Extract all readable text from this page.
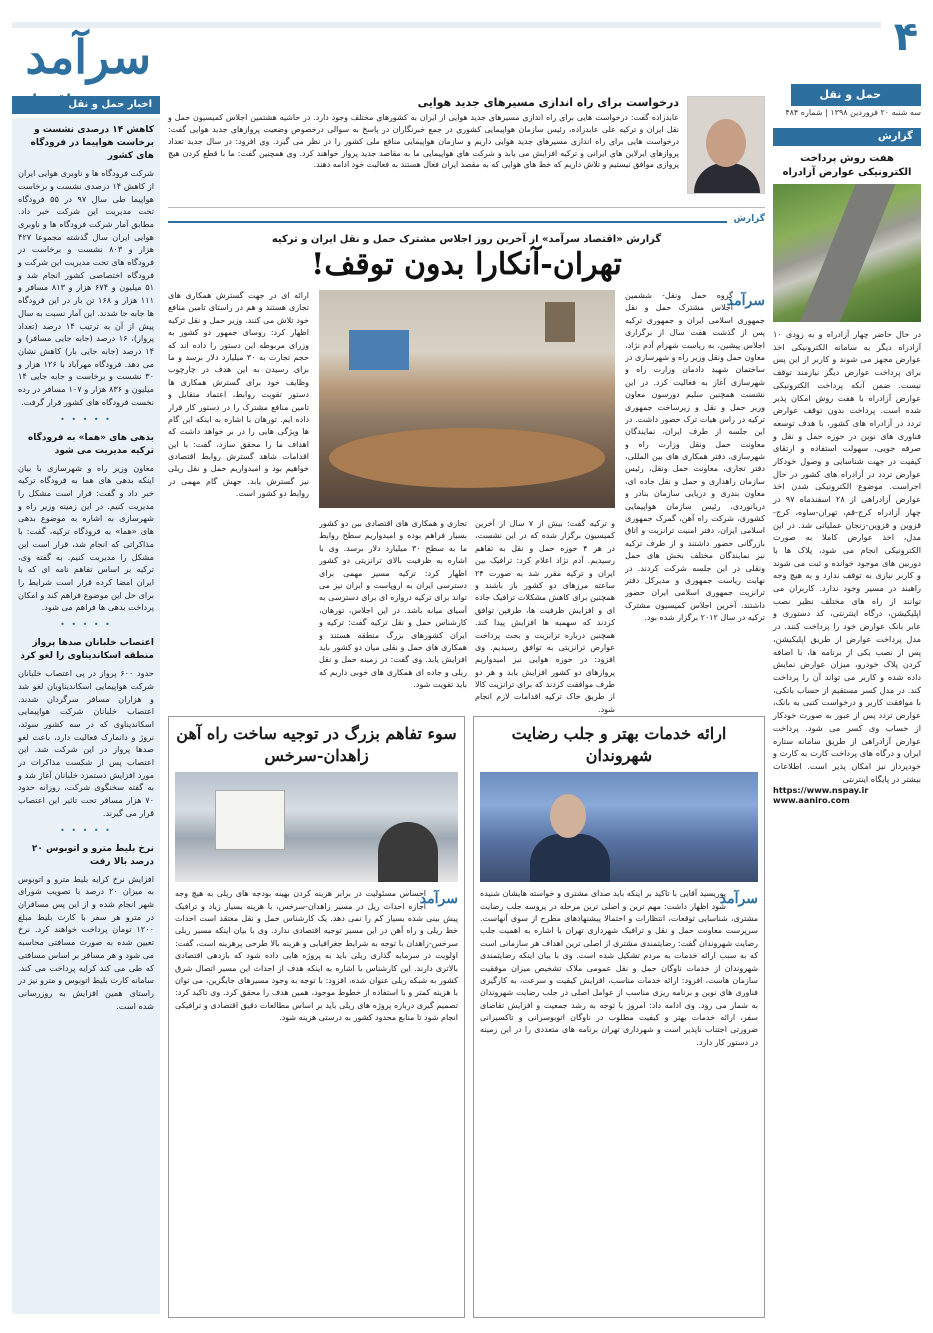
۴
حمل و نقل
سرآمد
سه شنبه ۲۰ فروردین ۱۳۹۸ | شماره ۴۸۴
گزارش
هفت روش پرداخت الکترونیکی عوارض آزادراه
در حال حاضر چهار آزادراه و به زودی ۱۰ آزادراه دیگر به سامانه الکترونیکی اخذ عوارض مجهز می شوند و کاربر از این پس برای پرداخت عوارض دیگر نیازمند توقف نیست. ضمن آنکه پرداخت الکترونیکی عوارض آزادراه با هفت روش امکان پذیر شده است. پرداخت بدون توقف عوارض تردد در آزادراه های کشور، با هدف توسعه فناوری های نوین در حوزه حمل و نقل و صرفه جویی، سهولت استفاده و ارتقای کیفیت در جهت شناسایی و وصول خودکار عوارض تردد در آزادراه های کشور در حال اجراست. موضوع الکترونیکی شدن اخذ عوارض آزادراهی از ۲۸ اسفندماه ۹۷ در چهار آزادراه کرج-قم، تهران-ساوه، کرج-قزوین و قزوین-زنجان عملیاتی شد. در این مدل، اخذ عوارض کاملا به صورت الکترونیکی انجام می شود، پلاک ها با دوربین های موجود خوانده و ثبت می شوند و کاربر نیازی به توقف ندارد و به هیچ وجه راهبند در مسیر وجود ندارد. کاربران می توانند از راه های مختلف نظیر نصب اپلیکیشن، درگاه اینترنتی، کد دستوری و عابر بانک عوارض خود را پرداخت کنند. در مدل پرداخت عوارض از طریق اپلیکیشن، پس از نصب یکی از برنامه ها، با اضافه کردن پلاک خودرو، میزان عوارض نمایش داده شده و کاربر می تواند آن را پرداخت کند. در مدل کسر مستقیم از حساب بانکی، با موافقت کاربر و درخواست کتبی به بانک، عوارض تردد پس از عبور به صورت خودکار از حساب وی کسر می شود. پرداخت عوارض آزادراهی از طریق سامانه ستاره ایران و درگاه های پرداخت کارت به کارت و خودپرداز نیز امکان پذیر است. اطلاعات بیشتر در پایگاه اینترنتی
https://www.nspay.ir
www.aaniro.com
اخبار حمل و نقل
کاهش ۱۴ درصدی نشست و برخاست هواپیما در فرودگاه های کشور
شرکت فرودگاه ها و ناوبری هوایی ایران از کاهش ۱۴ درصدی نشست و برخاست هواپیما طی سال ۹۷ در ۵۵ فرودگاه تحت مدیریت این شرکت خبر داد. مطابق آمار شرکت فرودگاه ها و ناوبری هوایی ایران سال گذشته مجموعا ۴۲۷ هزار و ۸۰۳ نشست و برخاست در فرودگاه های تحت مدیریت این شرکت و فرودگاه اختصاصی کشور انجام شد و ۵۱ میلیون و ۶۷۴ هزار و ۸۱۳ مسافر و ۱۱۱ هزار و ۱۶۸ تن بار در این فرودگاه ها جابه جا شدند. این آمار نسبت به سال پیش از آن به ترتیب ۱۴ درصد (تعداد پرواز)، ۱۶ درصد (جابه جایی مسافر) و ۱۴ درصد (جابه جایی بار) کاهش نشان می دهد. فرودگاه مهرآباد با ۱۲۶ هزار و ۳۰ نشست و برخاست و جابه جایی ۱۴ میلیون و ۸۳۶ هزار و ۱۰۷ مسافر در رده نخست فرودگاه های کشور قرار گرفت.
• • • • •
بدهی های «هما» به فرودگاه ترکیه مدیریت می شود
معاون وزیر راه و شهرسازی با بیان اینکه بدهی های هما به فرودگاه ترکیه خبر داد و گفت: قرار است مشکل را مدیریت کنیم. در این زمینه وزیر راه و شهرسازی به اشاره به موضوع بدهی های «هما» به فرودگاه ترکیه، گفت: با مذاکراتی که انجام شد، قرار است این مشکل را مدیریت کنیم. به گفته وی، ترکیه بر اساس تفاهم نامه ای که با ایران امضا کرده قرار است شرایط را برای حل این موضوع فراهم کند و امکان پرداخت بدهی ها فراهم می شود.
• • • • •
اعتصاب خلبانان صدها پرواز منطقه اسکاندیناوی را لغو کرد
حدود ۶۰۰ پرواز در پی اعتصاب خلبانان شرکت هواپیمایی اسکاندیناویان لغو شد و هزاران مسافر سرگردان شدند. اعتصاب خلبانان شرکت هواپیمایی اسکاندیناوی که در سه کشور سوئد، نروژ و دانمارک فعالیت دارد، باعث لغو صدها پرواز در این شرکت شد. این اعتصاب پس از شکست مذاکرات در مورد افزایش دستمزد خلبانان آغاز شد و به گفته سخنگوی شرکت، روزانه حدود ۷۰ هزار مسافر تحت تاثیر این اعتصاب قرار می گیرند.
• • • • •
نرخ بلیط مترو و اتوبوس ۲۰ درصد بالا رفت
افزایش نرخ کرایه بلیط مترو و اتوبوس به میزان ۲۰ درصد با تصویب شورای شهر انجام شده و از این پس مسافران در مترو هر سفر با کارت بلیط مبلغ ۱۲۰۰ تومان پرداخت خواهند کرد. نرخ تعیین شده به صورت مسافتی محاسبه می شود و هر مسافر بر اساس مسافتی که طی می کند کرایه پرداخت می کند. سامانه کارت بلیط اتوبوس و مترو نیز در راستای همین افزایش به روزرسانی شده است.
درخواست برای راه اندازی مسیرهای جدید هوایی
عابدزاده گفت: درخواست هایی برای راه اندازی مسیرهای جدید هوایی از ایران به کشورهای مختلف وجود دارد. در حاشیه هشتمین اجلاس کمیسیون حمل و نقل ایران و ترکیه علی عابدزاده، رئیس سازمان هواپیمایی کشوری در جمع خبرنگاران در پاسخ به سوالی درخصوص وضعیت پروازهای جدید هوایی گفت: درخواست هایی برای راه اندازی مسیرهای جدید هوایی داریم و سازمان هواپیمایی منافع ملی کشور را در نظر می گیرد. وی افزود: در سال جدید تعداد پروازهای ایرلاین های ایرانی و ترکیه افزایش می یابد و شرکت های هواپیمایی ما به مقاصد جدید پرواز خواهند کرد. وی همچنین گفت: ما با قطع کردن هیچ پروازی موافق نیستیم و تلاش داریم که خط های هوایی که به مقصد ایران فعال هستند به فعالیت خود ادامه دهند.
گزارش
گزارش «اقتصاد سرآمد» از آخرین روز اجلاس مشترک حمل و نقل ایران و ترکیه
تهران-آنکارا بدون توقف!
سرآمد
گروه حمل ونقل- ششمین اجلاس مشترک حمل و نقل جمهوری اسلامی ایران و جمهوری ترکیه پس از گذشت هفت سال از برگزاری اجلاس پیشین، به ریاست شهرام آدم نژاد، معاون حمل ونقل وزیر راه و شهرسازی در ساختمان شهید دادمان وزارت راه و شهرسازی آغاز به فعالیت کرد. در این نشست همچنین سلیم دورسون معاون وزیر حمل و نقل و زیرساخت جمهوری ترکیه در راس هیات ترک حضور داشت. در این جلسه از طرف ایران، نمایندگان معاونت حمل ونقل وزارت راه و شهرسازی، دفتر همکاری های بین المللی، دفتر تجاری، معاونت حمل ونقل، رئیس سازمان راهداری و حمل و نقل جاده ای، معاون بندری و دریایی سازمان بنادر و دریانوردی، رئیس سازمان هواپیمایی کشوری، شرکت راه آهن، گمرک جمهوری اسلامی ایران، دفتر امنیت ترانزیت و اتاق بازرگانی حضور داشتند و از طرف ترکیه نیز نمایندگان مختلف بخش های حمل ونقلی در این جلسه شرکت کردند. در نهایت ریاست جمهوری و مدیرکل دفتر ترانزیت جمهوری اسلامی ایران حضور داشتند. آخرین اجلاس کمیسیون مشترک ترکیه در سال ۲۰۱۲ برگزار شده بود.
و ترکیه گفت: بیش از ۷ سال از آخرین کمیسیون برگزار شده که در این نشست، در هر ۴ حوزه حمل و نقل به تفاهم رسیدیم. آدم نژاد اعلام کرد: ترافیک بین ایران و ترکیه مقرر شد به صورت ۲۴ ساعته مرزهای دو کشور باز باشند و همچنین برای کاهش مشکلات ترافیک جاده ای و افزایش ظرفیت ها، طرفین توافق کردند که سهمیه ها افزایش پیدا کند. همچنین درباره ترانزیت و بحث پرداخت عوارض ترانزیتی به توافق رسیدیم. وی افزود: در حوزه هوایی نیز امیدواریم پروازهای دو کشور افزایش یابد و هر دو طرف موافقت کردند که برای ترانزیت کالا از طریق خاک ترکیه اقدامات لازم انجام شود.
تجاری و همکاری های اقتصادی بین دو کشور بسیار فراهم بوده و امیدواریم سطح روابط ما به سطح ۳۰ میلیارد دلار برسد. وی با اشاره به ظرفیت بالای ترانزیتی دو کشور اظهار کرد: ترکیه مسیر مهمی برای دسترسی ایران به اروپاست و ایران نیز می تواند برای ترکیه دروازه ای برای دسترسی به آسیای میانه باشد. در این اجلاس، تورهان، کارشناس حمل و نقل ترکیه گفت: ترکیه و ایران کشورهای بزرگ منطقه هستند و همکاری های حمل و نقلی میان دو کشور باید افزایش یابد. وی گفت: در زمینه حمل و نقل ریلی و جاده ای همکاری های خوبی داریم که باید تقویت شود.
ارائه ای در جهت گسترش همکاری های تجاری هستند و هم در راستای تامین منافع خود تلاش می کنند. وزیر حمل و نقل ترکیه اظهار کرد: روسای جمهور دو کشور به وزرای مربوطه این دستور را داده اند که حجم تجارت به ۳۰ میلیارد دلار برسد و ما برای رسیدن به این هدف در چارچوب وظایف خود برای گسترش همکاری ها دستور تقویت روابط، اعتماد متقابل و تامین منافع مشترک را در دستور کار قرار داده ایم. تورهان با اشاره به اینکه این گام ها ویژگی هایی را در بر خواهد داشت که اهداف ما را محقق سازد، گفت: با این اقدامات شاهد گسترش روابط اقتصادی خواهیم بود و امیدواریم حمل و نقل ریلی نیز گسترش یابد. جهش گام مهمی در روابط دو کشور است.
ارائه خدمات بهتر و جلب رضایت شهروندان
سرآمد
پوریسید آقایی با تاکید بر اینکه باید صدای مشتری و خواسته هایشان شنیده شود اظهار داشت: مهم ترین و اصلی ترین مرحله در پروسه جلب رضایت مشتری، شناسایی توقعات، انتظارات و احتمالا پیشنهادهای مطرح از سوی آنهاست. سرپرست معاونت حمل و نقل و ترافیک شهرداری تهران با اشاره به اهمیت جلب رضایت شهروندان گفت: رضایتمندی مشتری از اصلی ترین اهداف هر سازمانی است که به سبب ارائه خدمات به مردم تشکیل شده است. وی با بیان اینکه رضایتمندی شهروندان از خدمات ناوگان حمل و نقل عمومی ملاک تشخیص میزان موفقیت سازمان هاست، افزود: ارائه خدمات مناسب، افزایش کیفیت و سرعت، به کارگیری فناوری های نوین و برنامه ریزی مناسب از عوامل اصلی در جلب رضایت شهروندان به شمار می رود. وی ادامه داد: امروز با توجه به رشد جمعیت و افزایش تقاضای سفر، ارائه خدمات بهتر و کیفیت مطلوب در ناوگان اتوبوسرانی و تاکسیرانی ضرورتی اجتناب ناپذیر است و شهرداری تهران برنامه های متعددی را در این زمینه در دستور کار دارد.
سوء تفاهم بزرگ در توجیه ساخت راه آهن زاهدان-سرخس
سرآمد
احساس مسئولیت در برابر هزینه کردن بهینه بودجه های ریلی به هیچ وجه اجازه احداث ریل در مسیر زاهدان-سرخس، با هزینه بسیار زیاد و ترافیک پیش بینی شده بسیار کم را نمی دهد. یک کارشناس حمل و نقل معتقد است احداث خط ریلی و راه آهن در این مسیر توجیه اقتصادی ندارد. وی با بیان اینکه مسیر ریلی سرخس-زاهدان با توجه به شرایط جغرافیایی و هزینه بالا طرحی پرهزینه است، گفت: اولویت در سرمایه گذاری ریلی باید به پروژه هایی داده شود که بازدهی اقتصادی بالاتری دارند. این کارشناس با اشاره به اینکه هدف از احداث این مسیر اتصال شرق کشور به شبکه ریلی عنوان شده، افزود: با توجه به وجود مسیرهای جایگزین، می توان با هزینه کمتر و با استفاده از خطوط موجود، همین هدف را محقق کرد. وی تاکید کرد: تصمیم گیری درباره پروژه های ریلی باید بر اساس مطالعات دقیق اقتصادی و ترافیکی انجام شود تا منابع محدود کشور به درستی هزینه شود.
